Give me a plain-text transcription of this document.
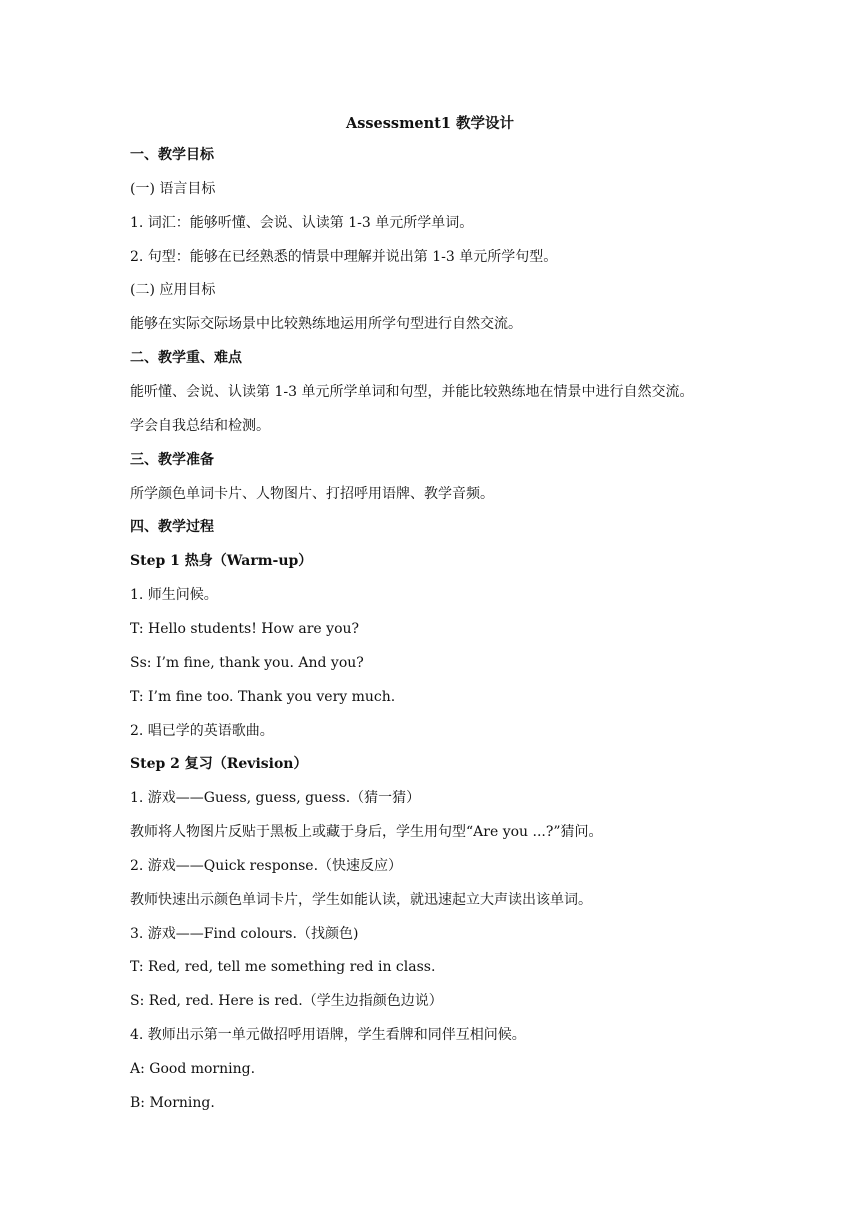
Assessment1 教学设计
一、教学目标
(一) 语言目标
1. 词汇：能够听懂、会说、认读第 1-3 单元所学单词。
2. 句型：能够在已经熟悉的情景中理解并说出第 1-3 单元所学句型。
(二) 应用目标
能够在实际交际场景中比较熟练地运用所学句型进行自然交流。
二、教学重、难点
能听懂、会说、认读第 1-3 单元所学单词和句型，并能比较熟练地在情景中进行自然交流。
学会自我总结和检测。
三、教学准备
所学颜色单词卡片、人物图片、打招呼用语牌、教学音频。
四、教学过程
Step 1 热身（Warm-up）
1. 师生问候。
T: Hello students! How are you?
Ss: I’m fine, thank you. And you?
T: I’m fine too. Thank you very much.
2. 唱已学的英语歌曲。
Step 2 复习（Revision）
1. 游戏——Guess, guess, guess.（猜一猜）
教师将人物图片反贴于黑板上或藏于身后，学生用句型“Are you ...?”猜问。
2. 游戏——Quick response.（快速反应）
教师快速出示颜色单词卡片，学生如能认读，就迅速起立大声读出该单词。
3. 游戏——Find colours.（找颜色)
T: Red, red, tell me something red in class.
S: Red, red. Here is red.（学生边指颜色边说）
4. 教师出示第一单元做招呼用语牌，学生看牌和同伴互相问候。
A: Good morning.
B: Morning.
